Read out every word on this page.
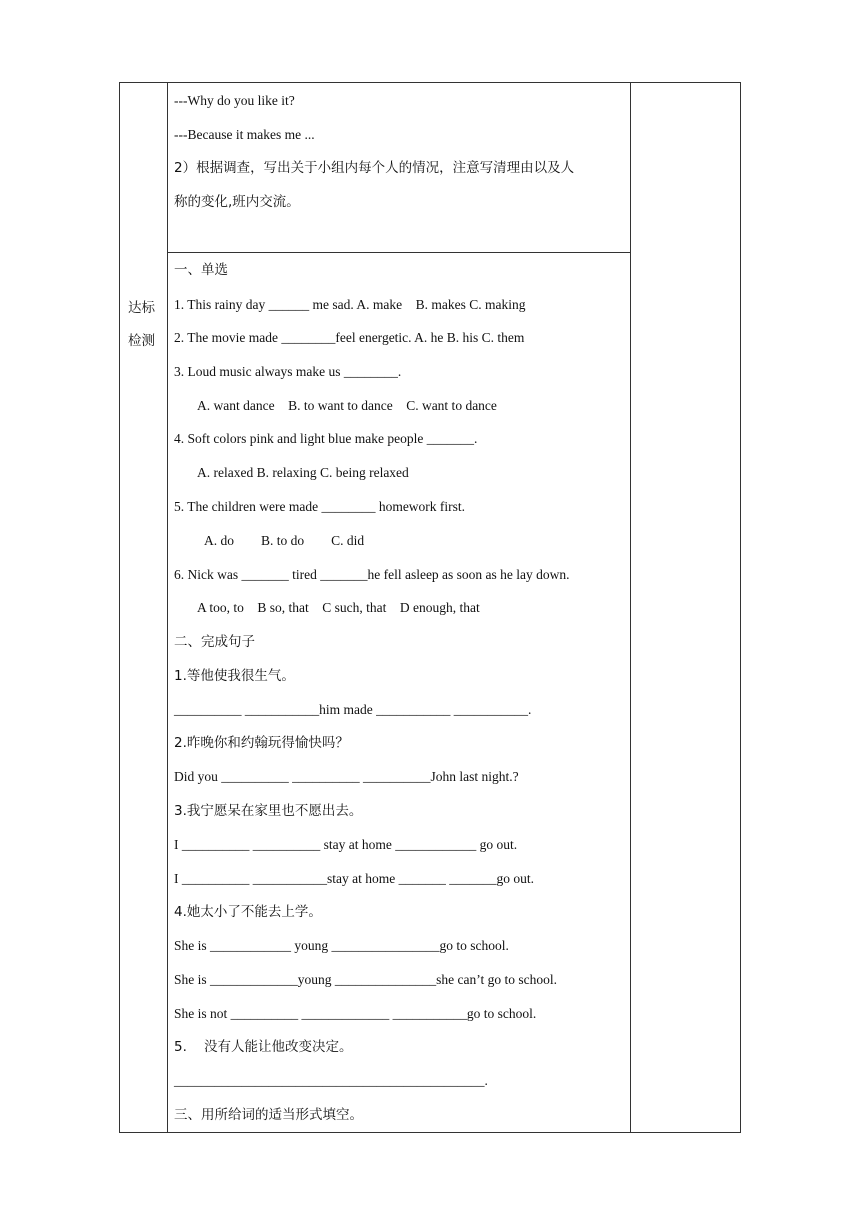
达标
检测
---Why do you like it?
---Because it makes me ...
2）根据调查，写出关于小组内每个人的情况，注意写清理由以及人
称的变化,班内交流。
一、单选
1. This rainy day ______ me sad. A. make    B. makes C. making
2. The movie made ________feel energetic. A. he B. his C. them
3. Loud music always make us ________.
A. want dance    B. to want to dance    C. want to dance
4. Soft colors pink and light blue make people _______.
A. relaxed B. relaxing C. being relaxed
5. The children were made ________ homework first.
A. do        B. to do        C. did
6. Nick was _______ tired _______he fell asleep as soon as he lay down.
A too, to    B so, that    C such, that    D enough, that
二、完成句子
1.等他使我很生气。
__________ ___________him made ___________ ___________.
2.昨晚你和约翰玩得愉快吗？
Did you __________ __________ __________John last night.?
3.我宁愿呆在家里也不愿出去。
I __________ __________ stay at home ____________ go out.
I __________ ___________stay at home _______ _______go out.
4.她太小了不能去上学。
She is ____________ young ________________go to school.
She is _____________young _______________she can’t go to school.
She is not __________ _____________ ___________go to school.
5.    没有人能让他改变决定。
______________________________________________.
三、用所给词的适当形式填空。
